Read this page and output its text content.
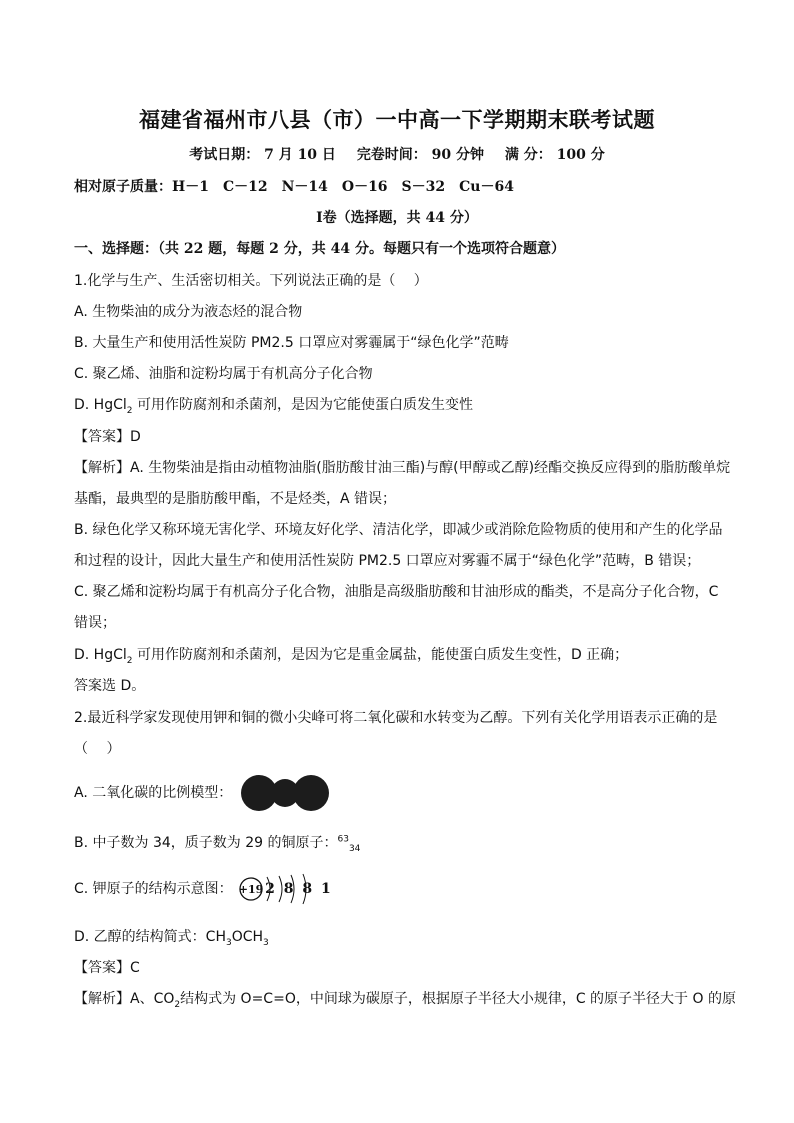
福建省福州市八县（市）一中高一下学期期末联考试题
考试日期： 7 月 10 日 完卷时间： 90 分钟 满 分： 100 分
相对原子质量：H－1　C－12　N－14　O－16　S－32　Cu－64
Ⅰ卷（选择题，共 44 分）
一、选择题：（共 22 题，每题 2 分，共 44 分。每题只有一个选项符合题意）
1.化学与生产、生活密切相关。下列说法正确的是（　 ）
A. 生物柴油的成分为液态烃的混合物
B. 大量生产和使用活性炭防 PM2.5 口罩应对雾霾属于“绿色化学”范畴
C. 聚乙烯、油脂和淀粉均属于有机高分子化合物
D. HgCl$_2$ 可用作防腐剂和杀菌剂，是因为它能使蛋白质发生变性
【答案】D
【解析】A. 生物柴油是指由动植物油脂(脂肪酸甘油三酯)与醇(甲醇或乙醇)经酯交换反应得到的脂肪酸单烷
基酯，最典型的是脂肪酸甲酯，不是烃类，A 错误；
B. 绿色化学又称环境无害化学、环境友好化学、清洁化学，即减少或消除危险物质的使用和产生的化学品
和过程的设计，因此大量生产和使用活性炭防 PM2.5 口罩应对雾霾不属于“绿色化学”范畴，B 错误；
C. 聚乙烯和淀粉均属于有机高分子化合物，油脂是高级脂肪酸和甘油形成的酯类，不是高分子化合物，C
错误；
D. HgCl$_2$ 可用作防腐剂和杀菌剂，是因为它是重金属盐，能使蛋白质发生变性，D 正确；
答案选 D。
2.最近科学家发现使用钾和铜的微小尖峰可将二氧化碳和水转变为乙醇。下列有关化学用语表示正确的是
（　 ）
A. 二氧化碳的比例模型：
B. 中子数为 34，质子数为 29 的铜原子：$^{63}_{34}$
C. 钾原子的结构示意图： +19 2 8 8 1
D. 乙醇的结构简式：$CH_3OCH_3$
【答案】C
【解析】A、$CO_2$结构式为 O=C=O，中间球为碳原子，根据原子半径大小规律，C 的原子半径大于 O 的原
